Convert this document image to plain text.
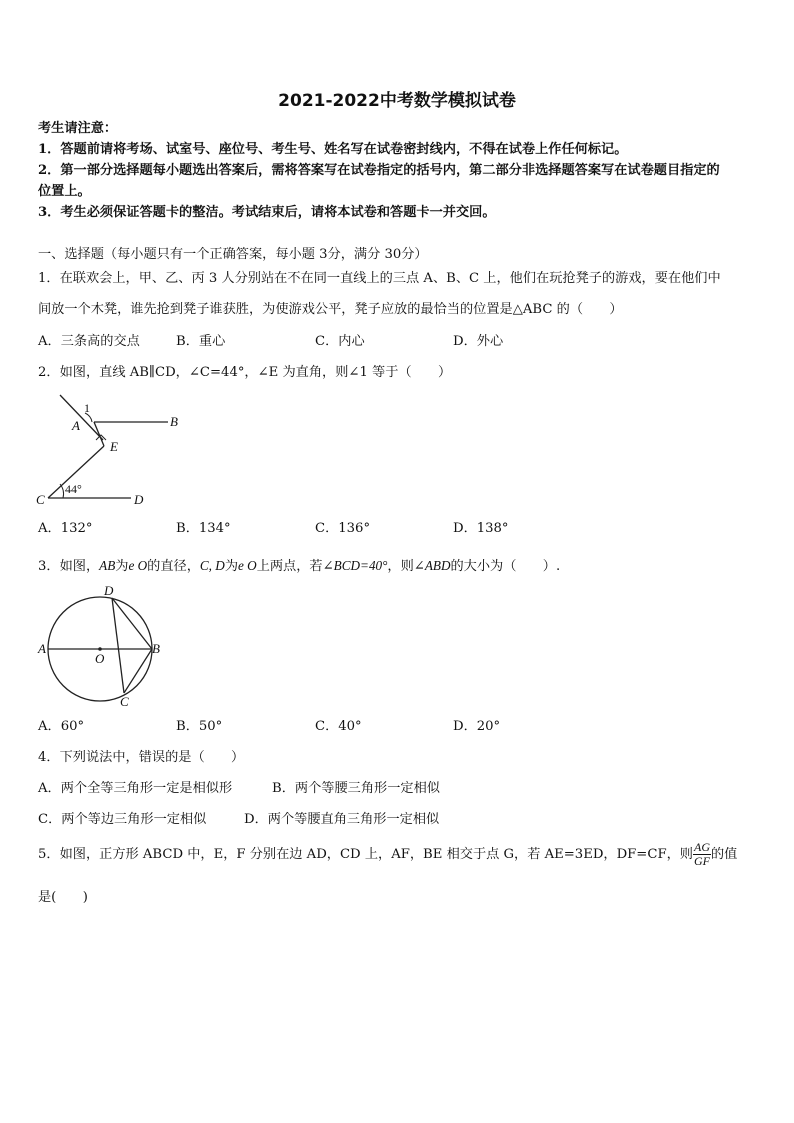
2021-2022中考数学模拟试卷
考生请注意：
1．答题前请将考场、试室号、座位号、考生号、姓名写在试卷密封线内，不得在试卷上作任何标记。
2．第一部分选择题每小题选出答案后，需将答案写在试卷指定的括号内，第二部分非选择题答案写在试卷题目指定的
位置上。
3．考生必须保证答题卡的整洁。考试结束后，请将本试卷和答题卡一并交回。
一、选择题（每小题只有一个正确答案，每小题 3分，满分 30分）
1．在联欢会上，甲、乙、丙 3 人分别站在不在同一直线上的三点 A、B、C 上，他们在玩抢凳子的游戏，要在他们中
间放一个木凳，谁先抢到凳子谁获胜，为使游戏公平，凳子应放的最恰当的位置是△ABC 的（　　）
A．三条高的交点	B．重心	C．内心	D．外心
2．如图，直线 AB∥CD，∠C=44°，∠E 为直角，则∠1 等于（　　）
1
A	B
E
44°
C	D
A．132°	B．134°	C．136°	D．138°
3．如图，AB为e O的直径，C, D为e O上两点，若∠BCD=40°，则∠ABD的大小为（　　）.
A	B
D
C
O
A．60°	B．50°	C．40°	D．20°
4．下列说法中，错误的是（　　）
A．两个全等三角形一定是相似形	B．两个等腰三角形一定相似
C．两个等边三角形一定相似	D．两个等腰直角三角形一定相似
5．如图，正方形 ABCD 中，E，F 分别在边 AD，CD 上，AF，BE 相交于点 G，若 AE=3ED，DF=CF，则 $\frac{AG}{GF}$ 的值
是(　　)
